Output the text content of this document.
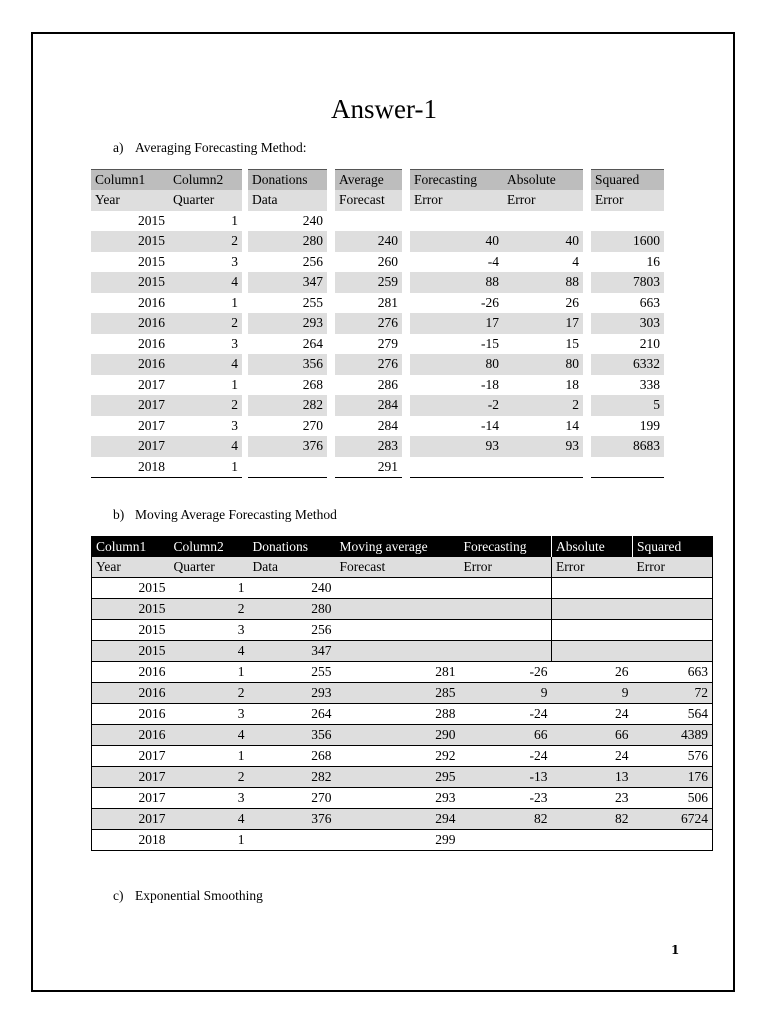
Answer-1
a) Averaging Forecasting Method:
Column1	Column2		Donations		Average		Forecasting	Absolute		Squared
Year	Quarter		Data		Forecast		Error	Error		Error
2015	1		240							
2015	2		280		240		40	40		1600
2015	3		256		260		-4	4		16
2015	4		347		259		88	88		7803
2016	1		255		281		-26	26		663
2016	2		293		276		17	17		303
2016	3		264		279		-15	15		210
2016	4		356		276		80	80		6332
2017	1		268		286		-18	18		338
2017	2		282		284		-2	2		5
2017	3		270		284		-14	14		199
2017	4		376		283		93	93		8683
2018	1				291					
b) Moving Average Forecasting Method
Column1	Column2	Donations	Moving average	Forecasting	Absolute	Squared
Year	Quarter	Data	Forecast	Error	Error	Error
2015	1	240				
2015	2	280				
2015	3	256				
2015	4	347				
2016	1	255	281	-26	26	663
2016	2	293	285	9	9	72
2016	3	264	288	-24	24	564
2016	4	356	290	66	66	4389
2017	1	268	292	-24	24	576
2017	2	282	295	-13	13	176
2017	3	270	293	-23	23	506
2017	4	376	294	82	82	6724
2018	1		299			
c) Exponential Smoothing
1
